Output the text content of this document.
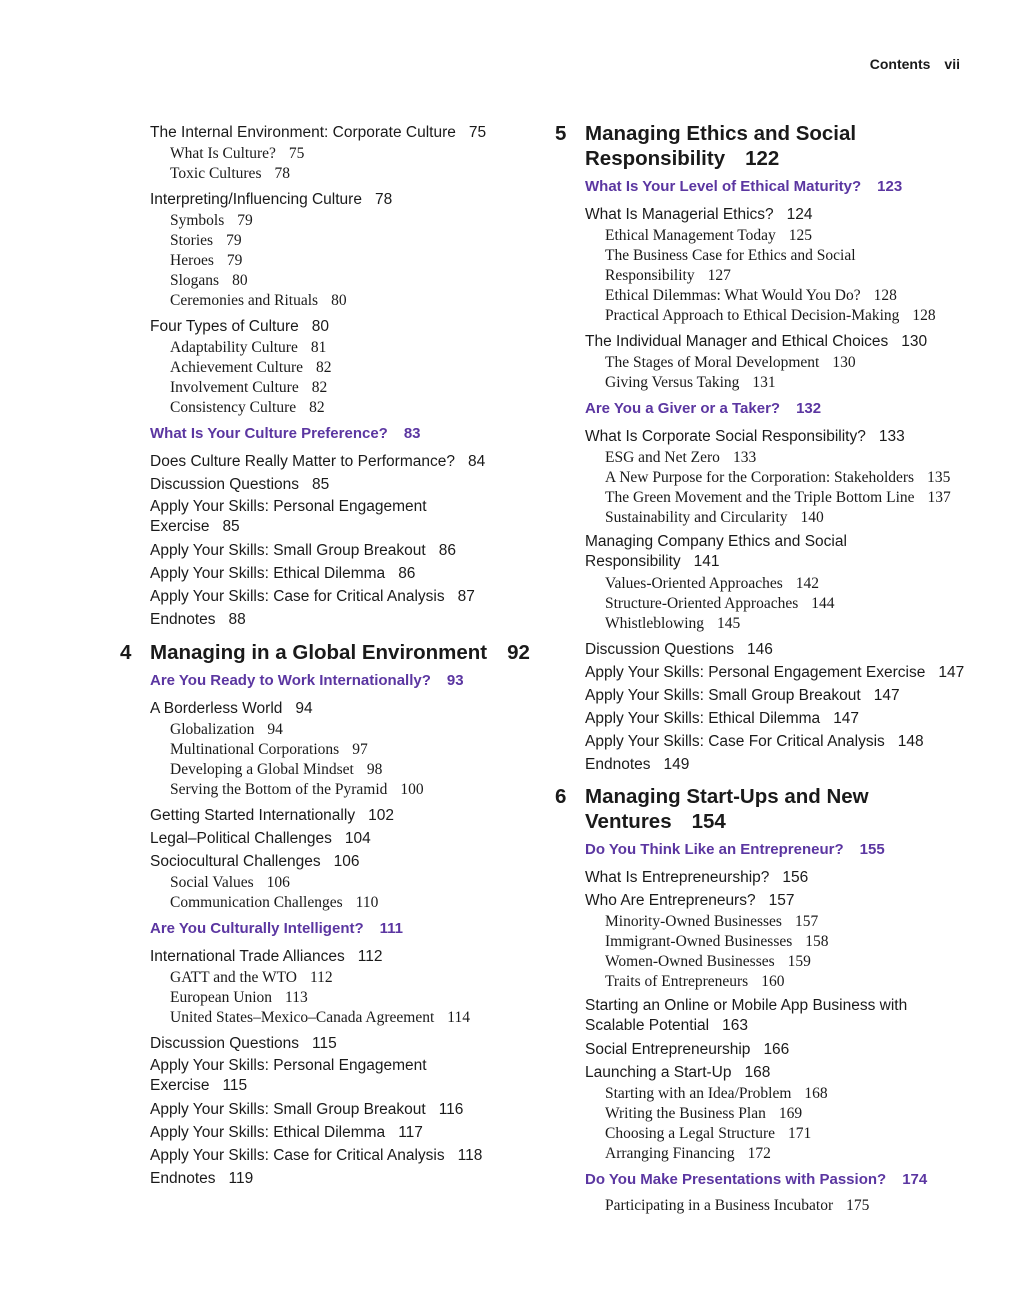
Contents vii
The Internal Environment: Corporate Culture 75
What Is Culture? 75
Toxic Cultures 78
Interpreting/Influencing Culture 78
Symbols 79
Stories 79
Heroes 79
Slogans 80
Ceremonies and Rituals 80
Four Types of Culture 80
Adaptability Culture 81
Achievement Culture 82
Involvement Culture 82
Consistency Culture 82
What Is Your Culture Preference? 83
Does Culture Really Matter to Performance? 84
Discussion Questions 85
Apply Your Skills: Personal Engagement Exercise 85
Apply Your Skills: Small Group Breakout 86
Apply Your Skills: Ethical Dilemma 86
Apply Your Skills: Case for Critical Analysis 87
Endnotes 88
4 Managing in a Global Environment 92
Are You Ready to Work Internationally? 93
A Borderless World 94
Globalization 94
Multinational Corporations 97
Developing a Global Mindset 98
Serving the Bottom of the Pyramid 100
Getting Started Internationally 102
Legal–Political Challenges 104
Sociocultural Challenges 106
Social Values 106
Communication Challenges 110
Are You Culturally Intelligent? 111
International Trade Alliances 112
GATT and the WTO 112
European Union 113
United States–Mexico–Canada Agreement 114
Discussion Questions 115
Apply Your Skills: Personal Engagement Exercise 115
Apply Your Skills: Small Group Breakout 116
Apply Your Skills: Ethical Dilemma 117
Apply Your Skills: Case for Critical Analysis 118
Endnotes 119
5 Managing Ethics and Social Responsibility 122
What Is Your Level of Ethical Maturity? 123
What Is Managerial Ethics? 124
Ethical Management Today 125
The Business Case for Ethics and Social Responsibility 127
Ethical Dilemmas: What Would You Do? 128
Practical Approach to Ethical Decision-Making 128
The Individual Manager and Ethical Choices 130
The Stages of Moral Development 130
Giving Versus Taking 131
Are You a Giver or a Taker? 132
What Is Corporate Social Responsibility? 133
ESG and Net Zero 133
A New Purpose for the Corporation: Stakeholders 135
The Green Movement and the Triple Bottom Line 137
Sustainability and Circularity 140
Managing Company Ethics and Social Responsibility 141
Values-Oriented Approaches 142
Structure-Oriented Approaches 144
Whistleblowing 145
Discussion Questions 146
Apply Your Skills: Personal Engagement Exercise 147
Apply Your Skills: Small Group Breakout 147
Apply Your Skills: Ethical Dilemma 147
Apply Your Skills: Case For Critical Analysis 148
Endnotes 149
6 Managing Start-Ups and New Ventures 154
Do You Think Like an Entrepreneur? 155
What Is Entrepreneurship? 156
Who Are Entrepreneurs? 157
Minority-Owned Businesses 157
Immigrant-Owned Businesses 158
Women-Owned Businesses 159
Traits of Entrepreneurs 160
Starting an Online or Mobile App Business with Scalable Potential 163
Social Entrepreneurship 166
Launching a Start-Up 168
Starting with an Idea/Problem 168
Writing the Business Plan 169
Choosing a Legal Structure 171
Arranging Financing 172
Do You Make Presentations with Passion? 174
Participating in a Business Incubator 175
